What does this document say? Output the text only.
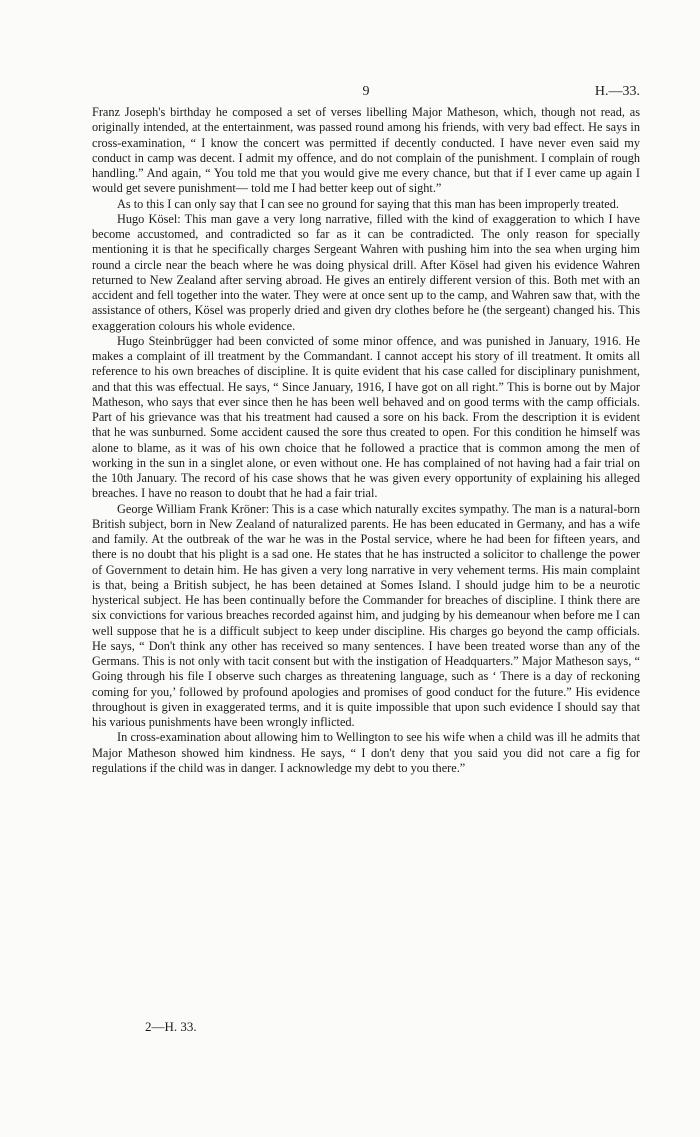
9	H.—33.

Franz Joseph's birthday he composed a set of verses libelling Major Matheson, which, though not read, as originally intended, at the entertainment, was passed round among his friends, with very bad effect. He says in cross-examination, “ I know the concert was permitted if decently conducted. I have never even said my conduct in camp was decent. I admit my offence, and do not complain of the punishment. I complain of rough handling.” And again, “ You told me that you would give me every chance, but that if I ever came up again I would get severe punishment— told me I had better keep out of sight.”

As to this I can only say that I can see no ground for saying that this man has been improperly treated.

Hugo Kösel: This man gave a very long narrative, filled with the kind of exaggeration to which I have become accustomed, and contradicted so far as it can be contradicted. The only reason for specially mentioning it is that he specifically charges Sergeant Wahren with pushing him into the sea when urging him round a circle near the beach where he was doing physical drill. After Kösel had given his evidence Wahren returned to New Zealand after serving abroad. He gives an entirely different version of this. Both met with an accident and fell together into the water. They were at once sent up to the camp, and Wahren saw that, with the assistance of others, Kösel was properly dried and given dry clothes before he (the sergeant) changed his. This exaggeration colours his whole evidence.

Hugo Steinbrügger had been convicted of some minor offence, and was punished in January, 1916. He makes a complaint of ill treatment by the Commandant. I cannot accept his story of ill treatment. It omits all reference to his own breaches of discipline. It is quite evident that his case called for disciplinary punishment, and that this was effectual. He says, “ Since January, 1916, I have got on all right.” This is borne out by Major Matheson, who says that ever since then he has been well behaved and on good terms with the camp officials. Part of his grievance was that his treatment had caused a sore on his back. From the description it is evident that he was sunburned. Some accident caused the sore thus created to open. For this condition he himself was alone to blame, as it was of his own choice that he followed a practice that is common among the men of working in the sun in a singlet alone, or even without one. He has complained of not having had a fair trial on the 10th January. The record of his case shows that he was given every opportunity of explaining his alleged breaches. I have no reason to doubt that he had a fair trial.

George William Frank Kröner: This is a case which naturally excites sympathy. The man is a natural-born British subject, born in New Zealand of naturalized parents. He has been educated in Germany, and has a wife and family. At the outbreak of the war he was in the Postal service, where he had been for fifteen years, and there is no doubt that his plight is a sad one. He states that he has instructed a solicitor to challenge the power of Government to detain him. He has given a very long narrative in very vehement terms. His main complaint is that, being a British subject, he has been detained at Somes Island. I should judge him to be a neurotic hysterical subject. He has been continually before the Commander for breaches of discipline. I think there are six convictions for various breaches recorded against him, and judging by his demeanour when before me I can well suppose that he is a difficult subject to keep under discipline. His charges go beyond the camp officials. He says, “ Don't think any other has received so many sentences. I have been treated worse than any of the Germans. This is not only with tacit consent but with the instigation of Headquarters.” Major Matheson says, “ Going through his file I observe such charges as threatening language, such as ‘ There is a day of reckoning coming for you,’ followed by profound apologies and promises of good conduct for the future.” His evidence throughout is given in exaggerated terms, and it is quite impossible that upon such evidence I should say that his various punishments have been wrongly inflicted.

In cross-examination about allowing him to Wellington to see his wife when a child was ill he admits that Major Matheson showed him kindness. He says, “ I don't deny that you said you did not care a fig for regulations if the child was in danger. I acknowledge my debt to you there.”

2—H. 33.
